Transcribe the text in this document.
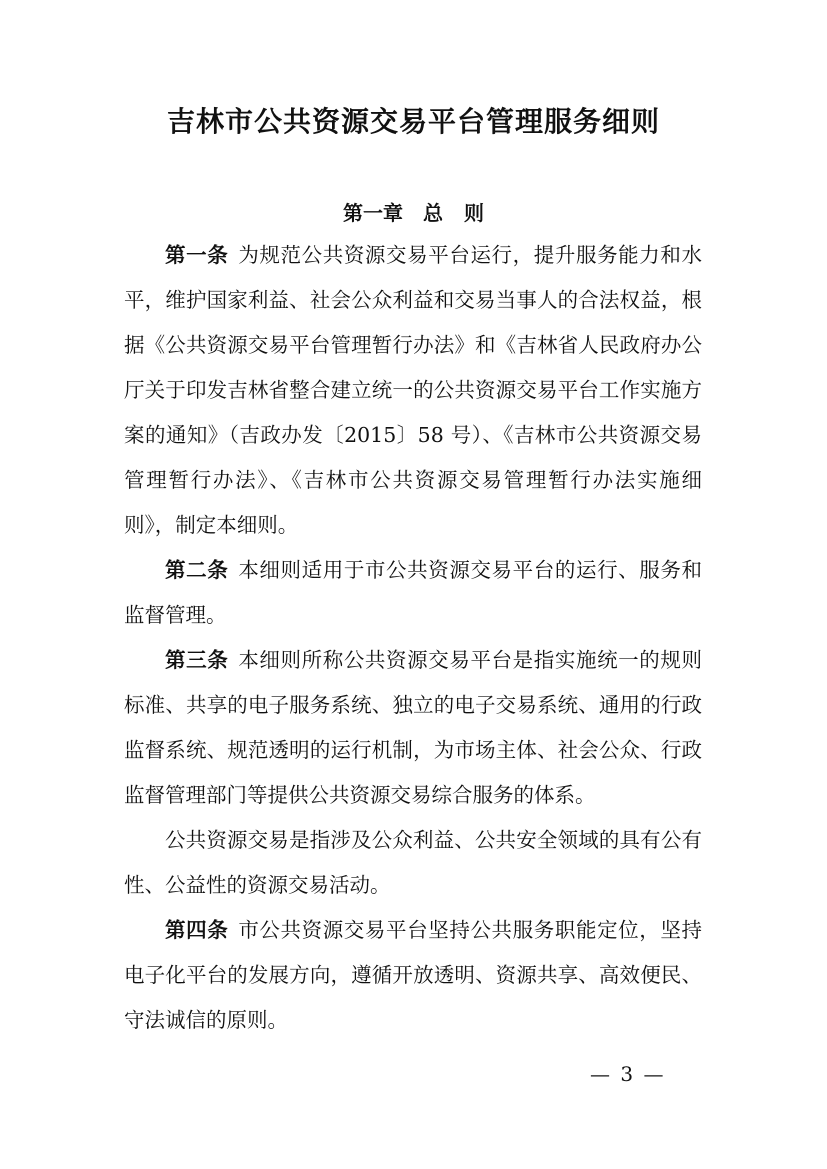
吉林市公共资源交易平台管理服务细则
第一章　总 则

第一条 为规范公共资源交易平台运行，提升服务能力和水平，维护国家利益、社会公众利益和交易当事人的合法权益，根据《公共资源交易平台管理暂行办法》和《吉林省人民政府办公厅关于印发吉林省整合建立统一的公共资源交易平台工作实施方案的通知》（吉政办发〔2015〕58 号）、《吉林市公共资源交易管理暂行办法》、《吉林市公共资源交易管理暂行办法实施细则》，制定本细则。

第二条 本细则适用于市公共资源交易平台的运行、服务和监督管理。

第三条 本细则所称公共资源交易平台是指实施统一的规则标准、共享的电子服务系统、独立的电子交易系统、通用的行政监督系统、规范透明的运行机制，为市场主体、社会公众、行政监督管理部门等提供公共资源交易综合服务的体系。

公共资源交易是指涉及公众利益、公共安全领域的具有公有性、公益性的资源交易活动。

第四条 市公共资源交易平台坚持公共服务职能定位，坚持电子化平台的发展方向，遵循开放透明、资源共享、高效便民、守法诚信的原则。

— 3 —
